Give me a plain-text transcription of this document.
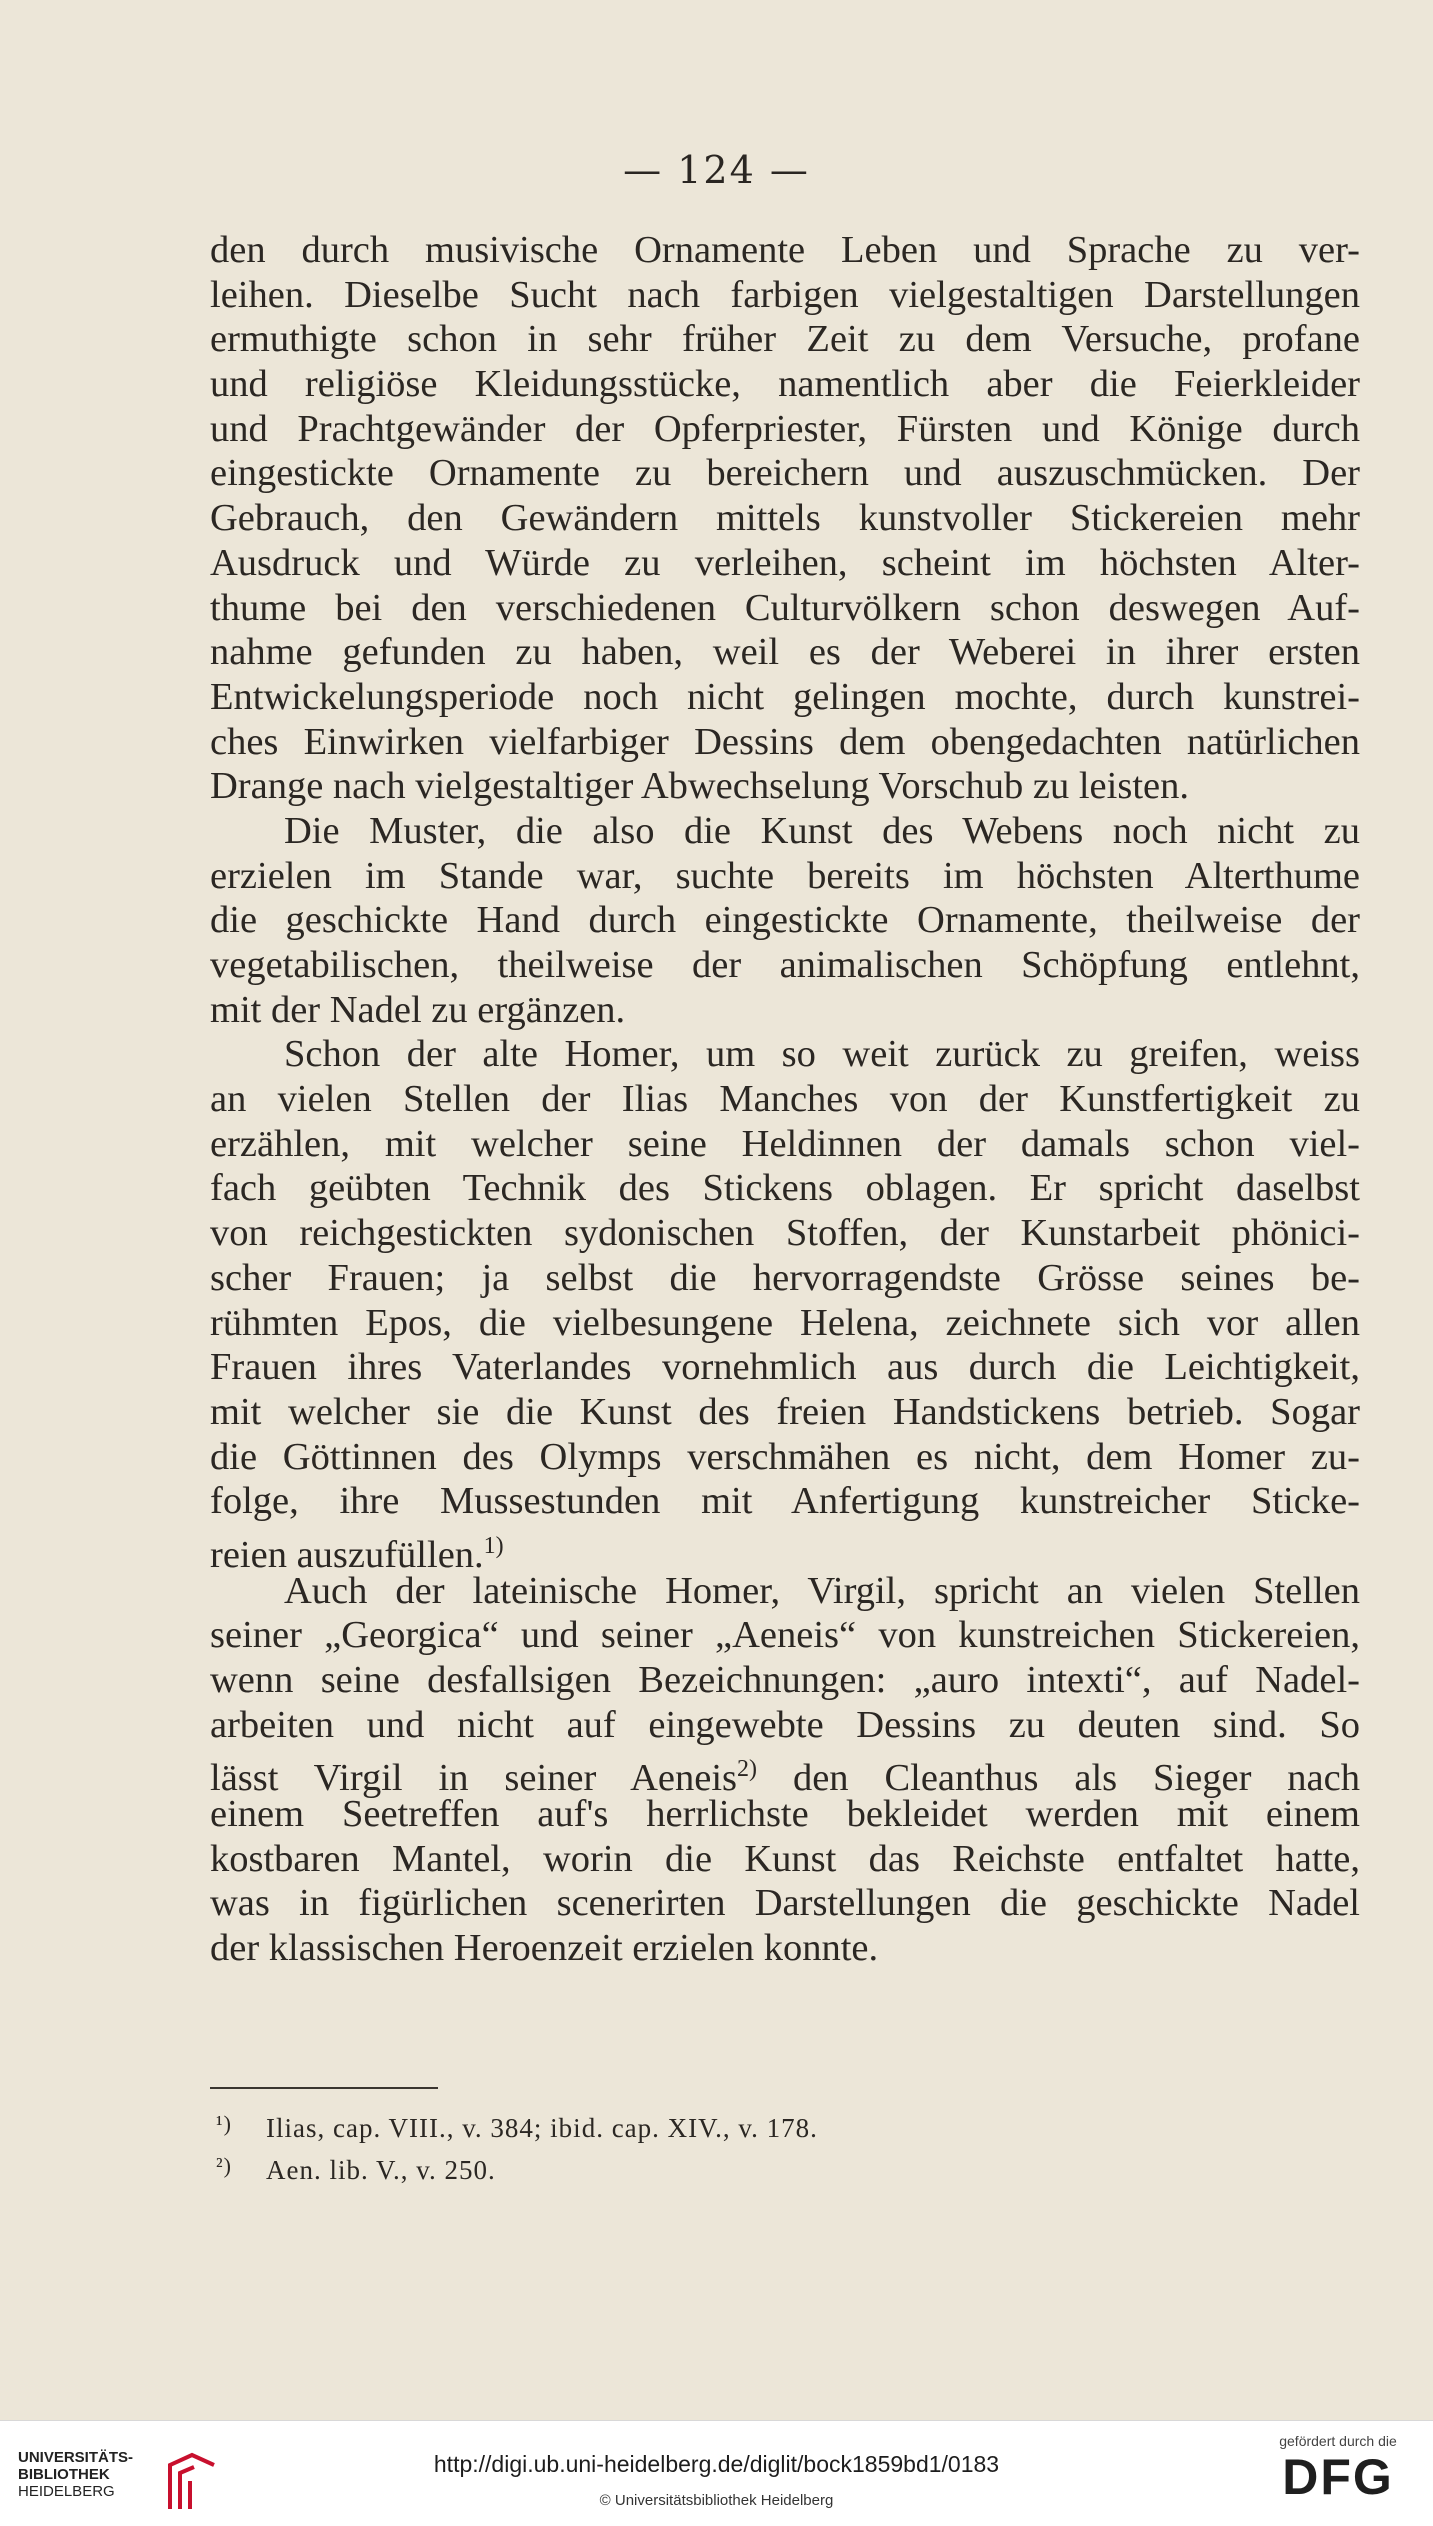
— 124 —
den durch musivische Ornamente Leben und Sprache zu ver-
leihen. Dieselbe Sucht nach farbigen vielgestaltigen Darstellungen
ermuthigte schon in sehr früher Zeit zu dem Versuche, profane
und religiöse Kleidungsstücke, namentlich aber die Feierkleider
und Prachtgewänder der Opferpriester, Fürsten und Könige durch
eingestickte Ornamente zu bereichern und auszuschmücken. Der
Gebrauch, den Gewändern mittels kunstvoller Stickereien mehr
Ausdruck und Würde zu verleihen, scheint im höchsten Alter-
thume bei den verschiedenen Culturvölkern schon deswegen Auf-
nahme gefunden zu haben, weil es der Weberei in ihrer ersten
Entwickelungsperiode noch nicht gelingen mochte, durch kunstrei-
ches Einwirken vielfarbiger Dessins dem obengedachten natürlichen
Drange nach vielgestaltiger Abwechselung Vorschub zu leisten.
Die Muster, die also die Kunst des Webens noch nicht zu
erzielen im Stande war, suchte bereits im höchsten Alterthume
die geschickte Hand durch eingestickte Ornamente, theilweise der
vegetabilischen, theilweise der animalischen Schöpfung entlehnt,
mit der Nadel zu ergänzen.
Schon der alte Homer, um so weit zurück zu greifen, weiss
an vielen Stellen der Ilias Manches von der Kunstfertigkeit zu
erzählen, mit welcher seine Heldinnen der damals schon viel-
fach geübten Technik des Stickens oblagen. Er spricht daselbst
von reichgestickten sydonischen Stoffen, der Kunstarbeit phönici-
scher Frauen; ja selbst die hervorragendste Grösse seines be-
rühmten Epos, die vielbesungene Helena, zeichnete sich vor allen
Frauen ihres Vaterlandes vornehmlich aus durch die Leichtigkeit,
mit welcher sie die Kunst des freien Handstickens betrieb. Sogar
die Göttinnen des Olymps verschmähen es nicht, dem Homer zu-
folge, ihre Mussestunden mit Anfertigung kunstreicher Sticke-
reien auszufüllen.$^{1)}$
Auch der lateinische Homer, Virgil, spricht an vielen Stellen
seiner „Georgica“ und seiner „Aeneis“ von kunstreichen Stickereien,
wenn seine desfallsigen Bezeichnungen: „auro intexti“, auf Nadel-
arbeiten und nicht auf eingewebte Dessins zu deuten sind. So
lässt Virgil in seiner Aeneis$^{2)}$ den Cleanthus als Sieger nach
einem Seetreffen auf's herrlichste bekleidet werden mit einem
kostbaren Mantel, worin die Kunst das Reichste entfaltet hatte,
was in figürlichen scenerirten Darstellungen die geschickte Nadel
der klassischen Heroenzeit erzielen konnte.
¹) Ilias, cap. VIII., v. 384; ibid. cap. XIV., v. 178.
²) Aen. lib. V., v. 250.
UNIVERSITÄTS-
BIBLIOTHEK
HEIDELBERG
http://digi.ub.uni-heidelberg.de/diglit/bock1859bd1/0183
© Universitätsbibliothek Heidelberg
gefördert durch die
DFG
